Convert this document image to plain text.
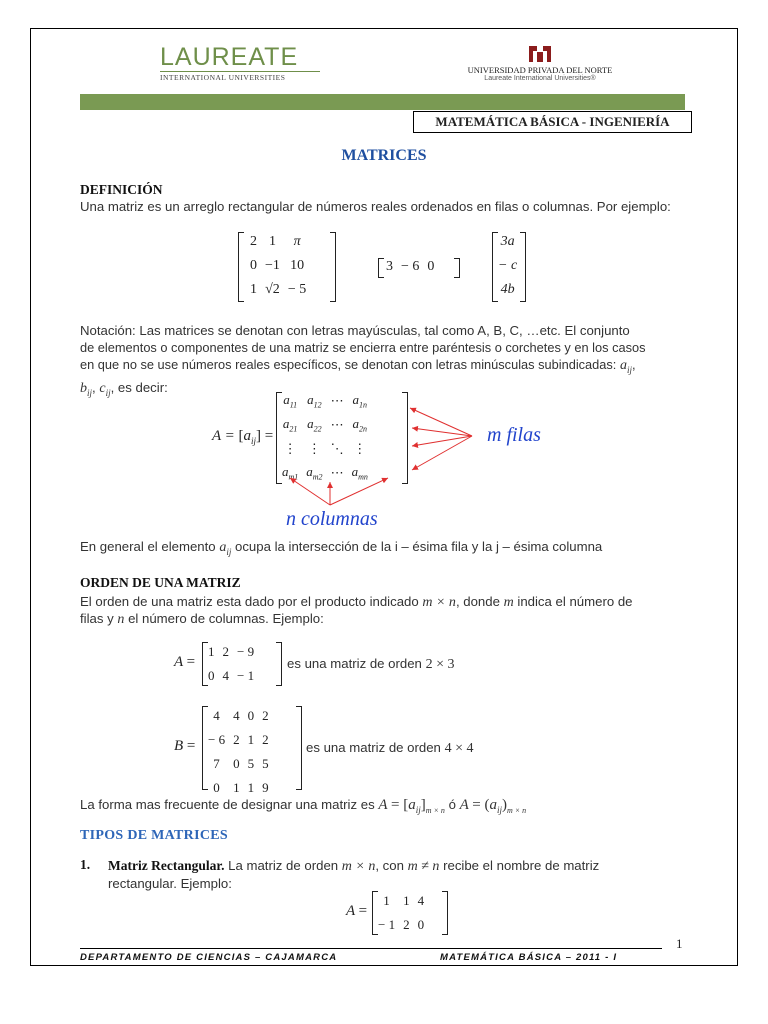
LAUREATE
INTERNATIONAL UNIVERSITIES
UNIVERSIDAD PRIVADA DEL NORTE
Laureate International Universities®
MATEMÁTICA BÁSICA - INGENIERÍA
MATRICES
DEFINICIÓN
Una matriz es un arreglo rectangular de números reales ordenados en filas o columnas. Por ejemplo:
2	1	π
0	−1	10
1	√2	− 5
3	− 6	0
3a
− c
4b
Notación: Las matrices se denotan con letras mayúsculas, tal como A, B, C, …etc. El conjunto
de elementos o componentes de una matriz se encierra entre paréntesis o corchetes y en los casos
en que no se use números reales específicos, se denotan con letras minúsculas subindicadas: $a_{ij}$,
$b_{ij}$, $c_{ij}$, es decir:
$A = [a_{ij}]$ =
$a_{11}$	$a_{12}$	⋯	$a_{1n}$
$a_{21}$	$a_{22}$	⋯	$a_{2n}$
⋮	⋮	⋱	⋮
$a_{m1}$	$a_{m2}$	⋯	$a_{mn}$
m filas
n columnas
En general el elemento $a_{ij}$ ocupa la intersección de la i – ésima fila y la j – ésima columna
ORDEN DE UNA MATRIZ
El orden de una matriz esta dado por el producto indicado m × n, donde m indica el número de
filas y n el número de columnas. Ejemplo:
A =
1	2	− 9
0	4	− 1
es una matriz de orden 2 × 3
B =
4	4	0	2
− 6	2	1	2
7	0	5	5
0	1	1	9
es una matriz de orden 4 × 4
La forma mas frecuente de designar una matriz es $A = [a_{ij}]_{m \times n}$ ó $A = (a_{ij})_{m \times n}$
TIPOS DE MATRICES
1. Matriz Rectangular. La matriz de orden m × n, con m ≠ n recibe el nombre de matriz
rectangular. Ejemplo:
A =
1	1	4
− 1	2	0
1
DEPARTAMENTO DE CIENCIAS – CAJAMARCA	MATEMÁTICA BÁSICA – 2011 - I
